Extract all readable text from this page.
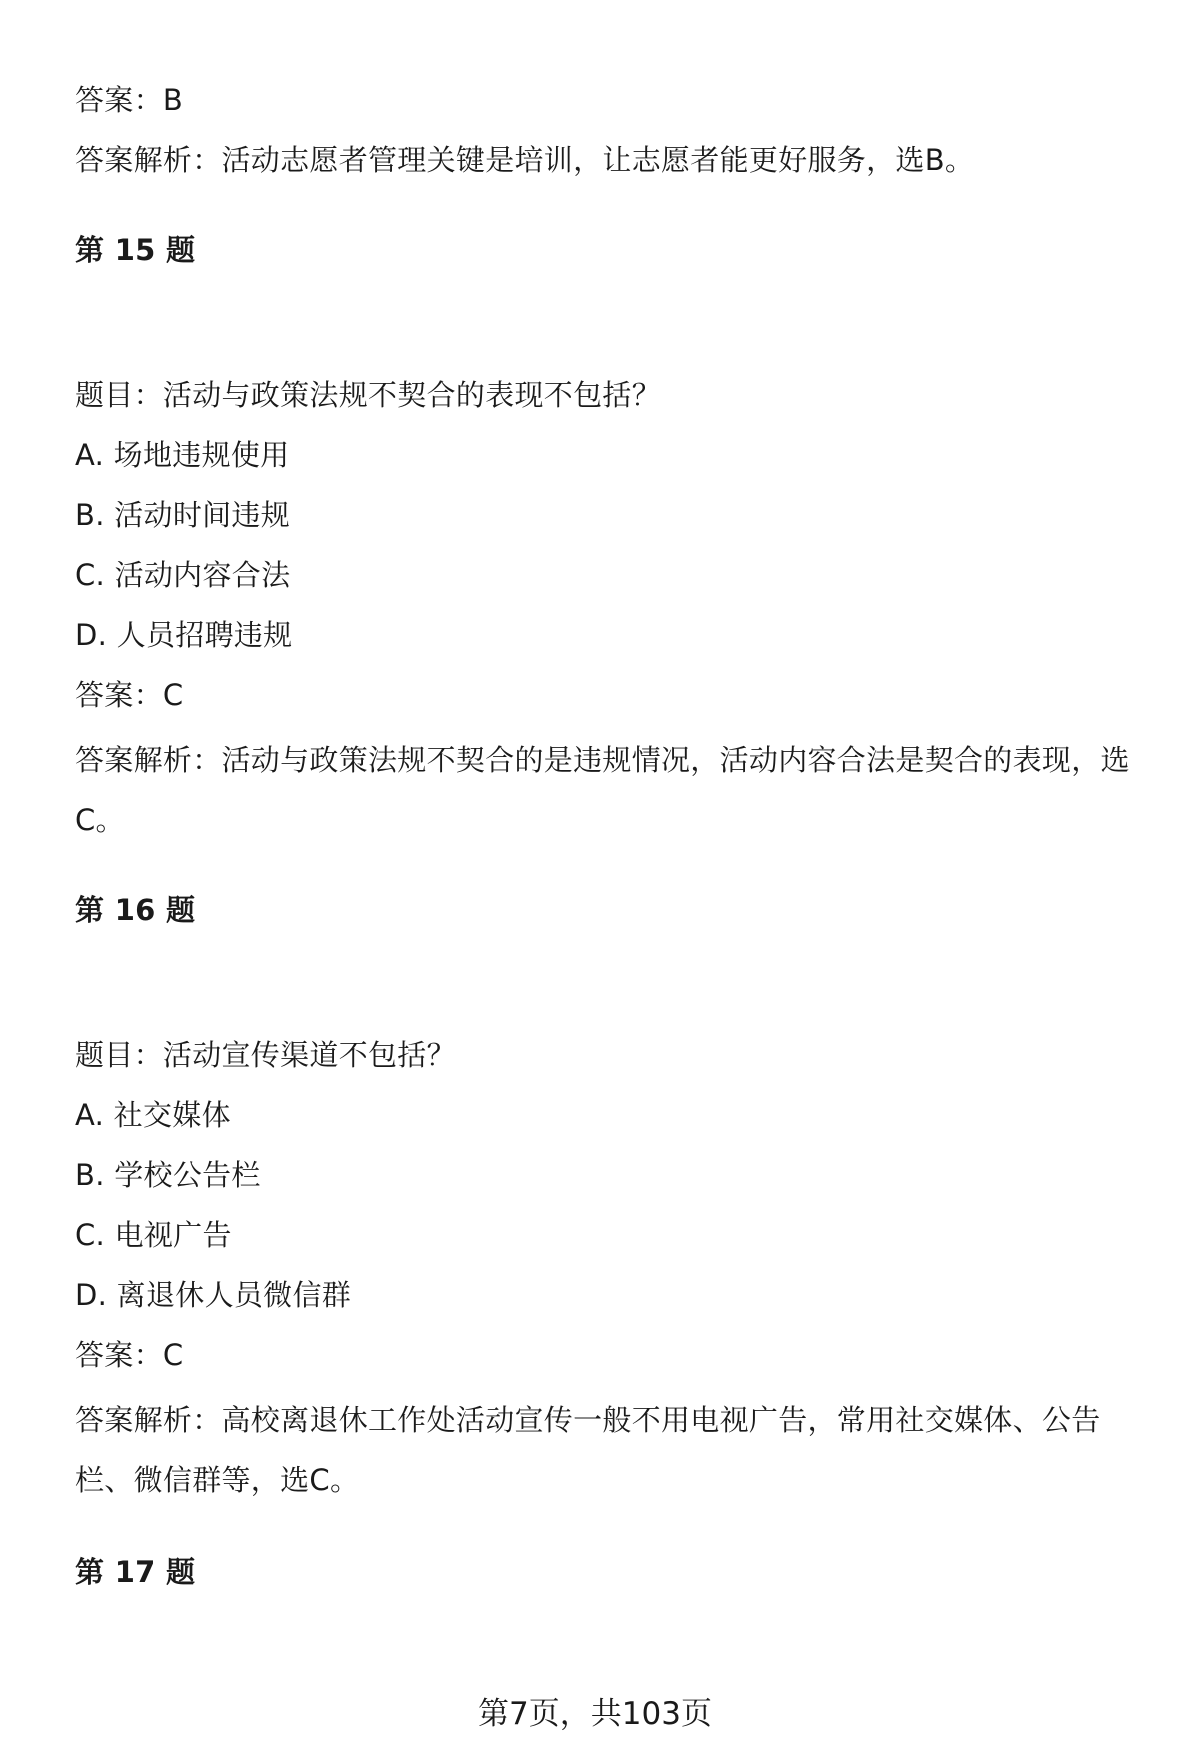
答案：B
答案解析：活动志愿者管理关键是培训，让志愿者能更好服务，选B。
第 15 题
题目：活动与政策法规不契合的表现不包括？
A. 场地违规使用
B. 活动时间违规
C. 活动内容合法
D. 人员招聘违规
答案：C
答案解析：活动与政策法规不契合的是违规情况，活动内容合法是契合的表现，选
C。
第 16 题
题目：活动宣传渠道不包括？
A. 社交媒体
B. 学校公告栏
C. 电视广告
D. 离退休人员微信群
答案：C
答案解析：高校离退休工作处活动宣传一般不用电视广告，常用社交媒体、公告
栏、微信群等，选C。
第 17 题
第7页，共103页
